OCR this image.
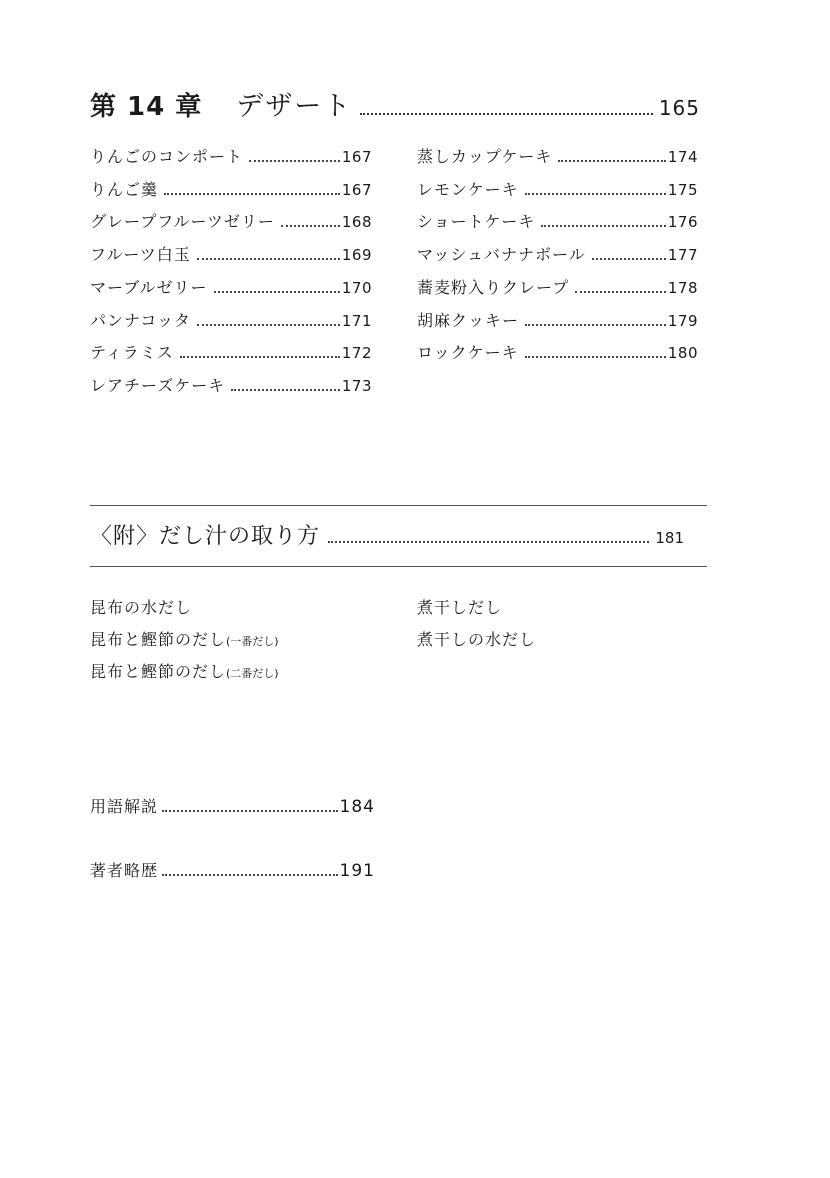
第 14 章 デザート	165
りんごのコンポート	167
りんご羹	167
グレープフルーツゼリー	168
フルーツ白玉	169
マーブルゼリー	170
パンナコッタ	171
ティラミス	172
レアチーズケーキ	173
蒸しカップケーキ	174
レモンケーキ	175
ショートケーキ	176
マッシュバナナボール	177
蕎麦粉入りクレープ	178
胡麻クッキー	179
ロックケーキ	180
〈附〉だし汁の取り方	181
昆布の水だし
昆布と鰹節のだし(一番だし)
昆布と鰹節のだし(二番だし)
煮干しだし
煮干しの水だし
用語解説	184
著者略歴	191
